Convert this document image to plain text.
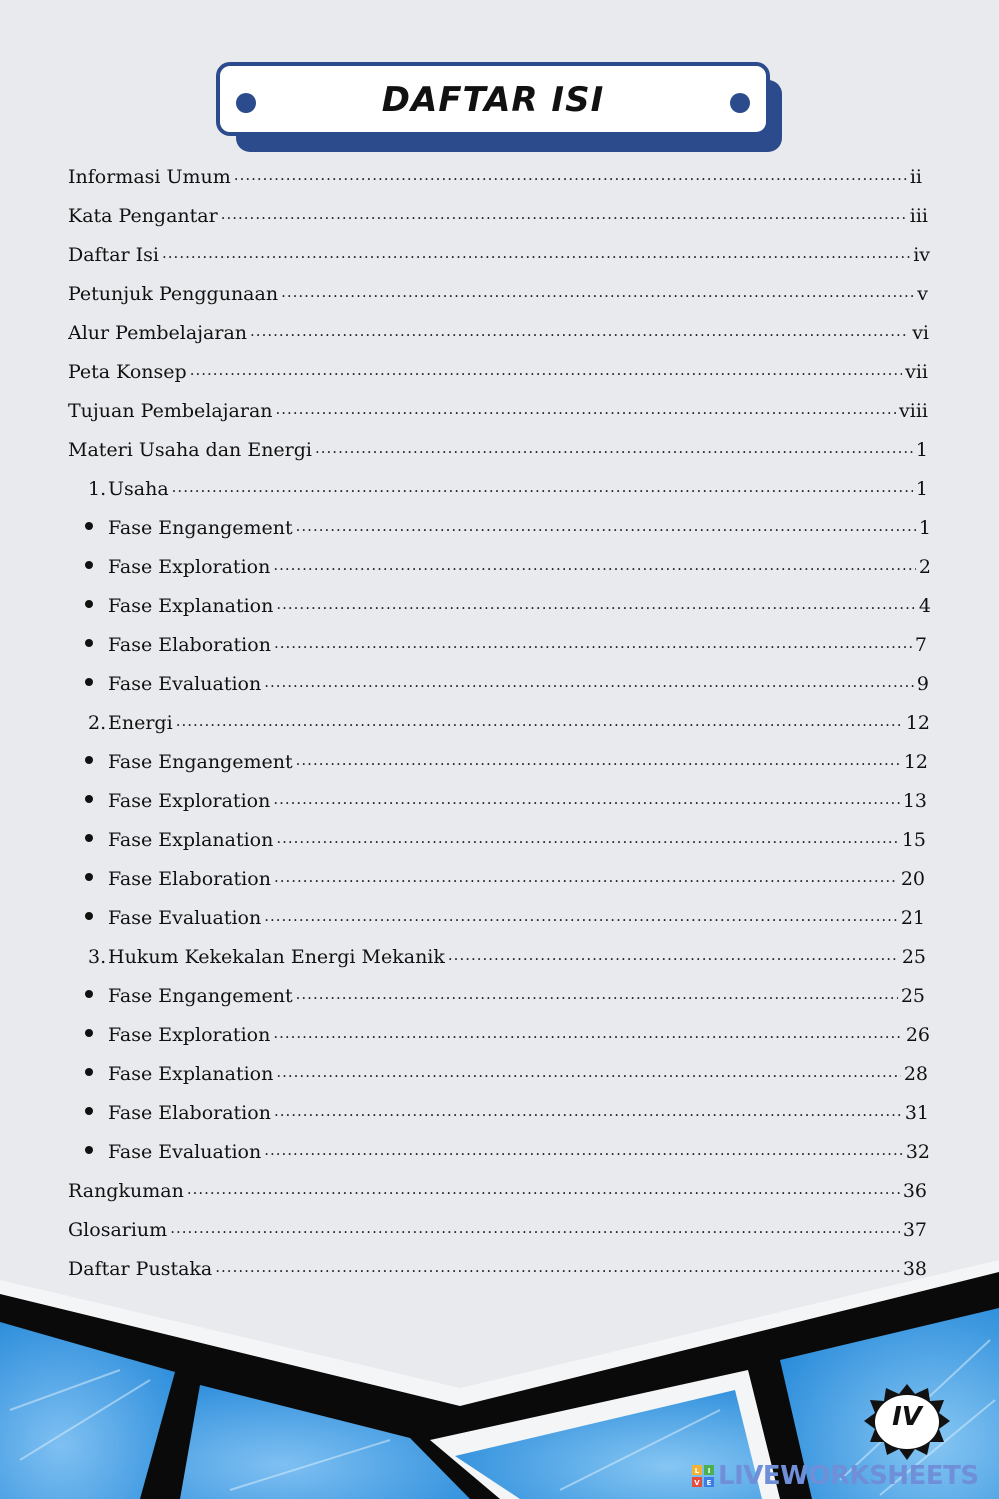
DAFTAR ISI
Informasi Umum .....	ii
Kata Pengantar .....	iii
Daftar Isi .....	iv
Petunjuk Penggunaan .....	v
Alur Pembelajaran .....	vi
Peta Konsep .....	vii
Tujuan Pembelajaran .....	viii
Materi Usaha dan Energi .....	1
1. Usaha .....	1
Fase Engangement .....	1
Fase Exploration .....	2
Fase Explanation .....	4
Fase Elaboration .....	7
Fase Evaluation .....	9
2. Energi .....	12
Fase Engangement .....	12
Fase Exploration .....	13
Fase Explanation .....	15
Fase Elaboration .....	20
Fase Evaluation .....	21
3. Hukum Kekekalan Energi Mekanik .....	25
Fase Engangement .....	25
Fase Exploration .....	26
Fase Explanation .....	28
Fase Elaboration .....	31
Fase Evaluation .....	32
Rangkuman .....	36
Glosarium .....	37
Daftar Pustaka .....	38
IV
L I
V E LIVEWORKSHEETS
